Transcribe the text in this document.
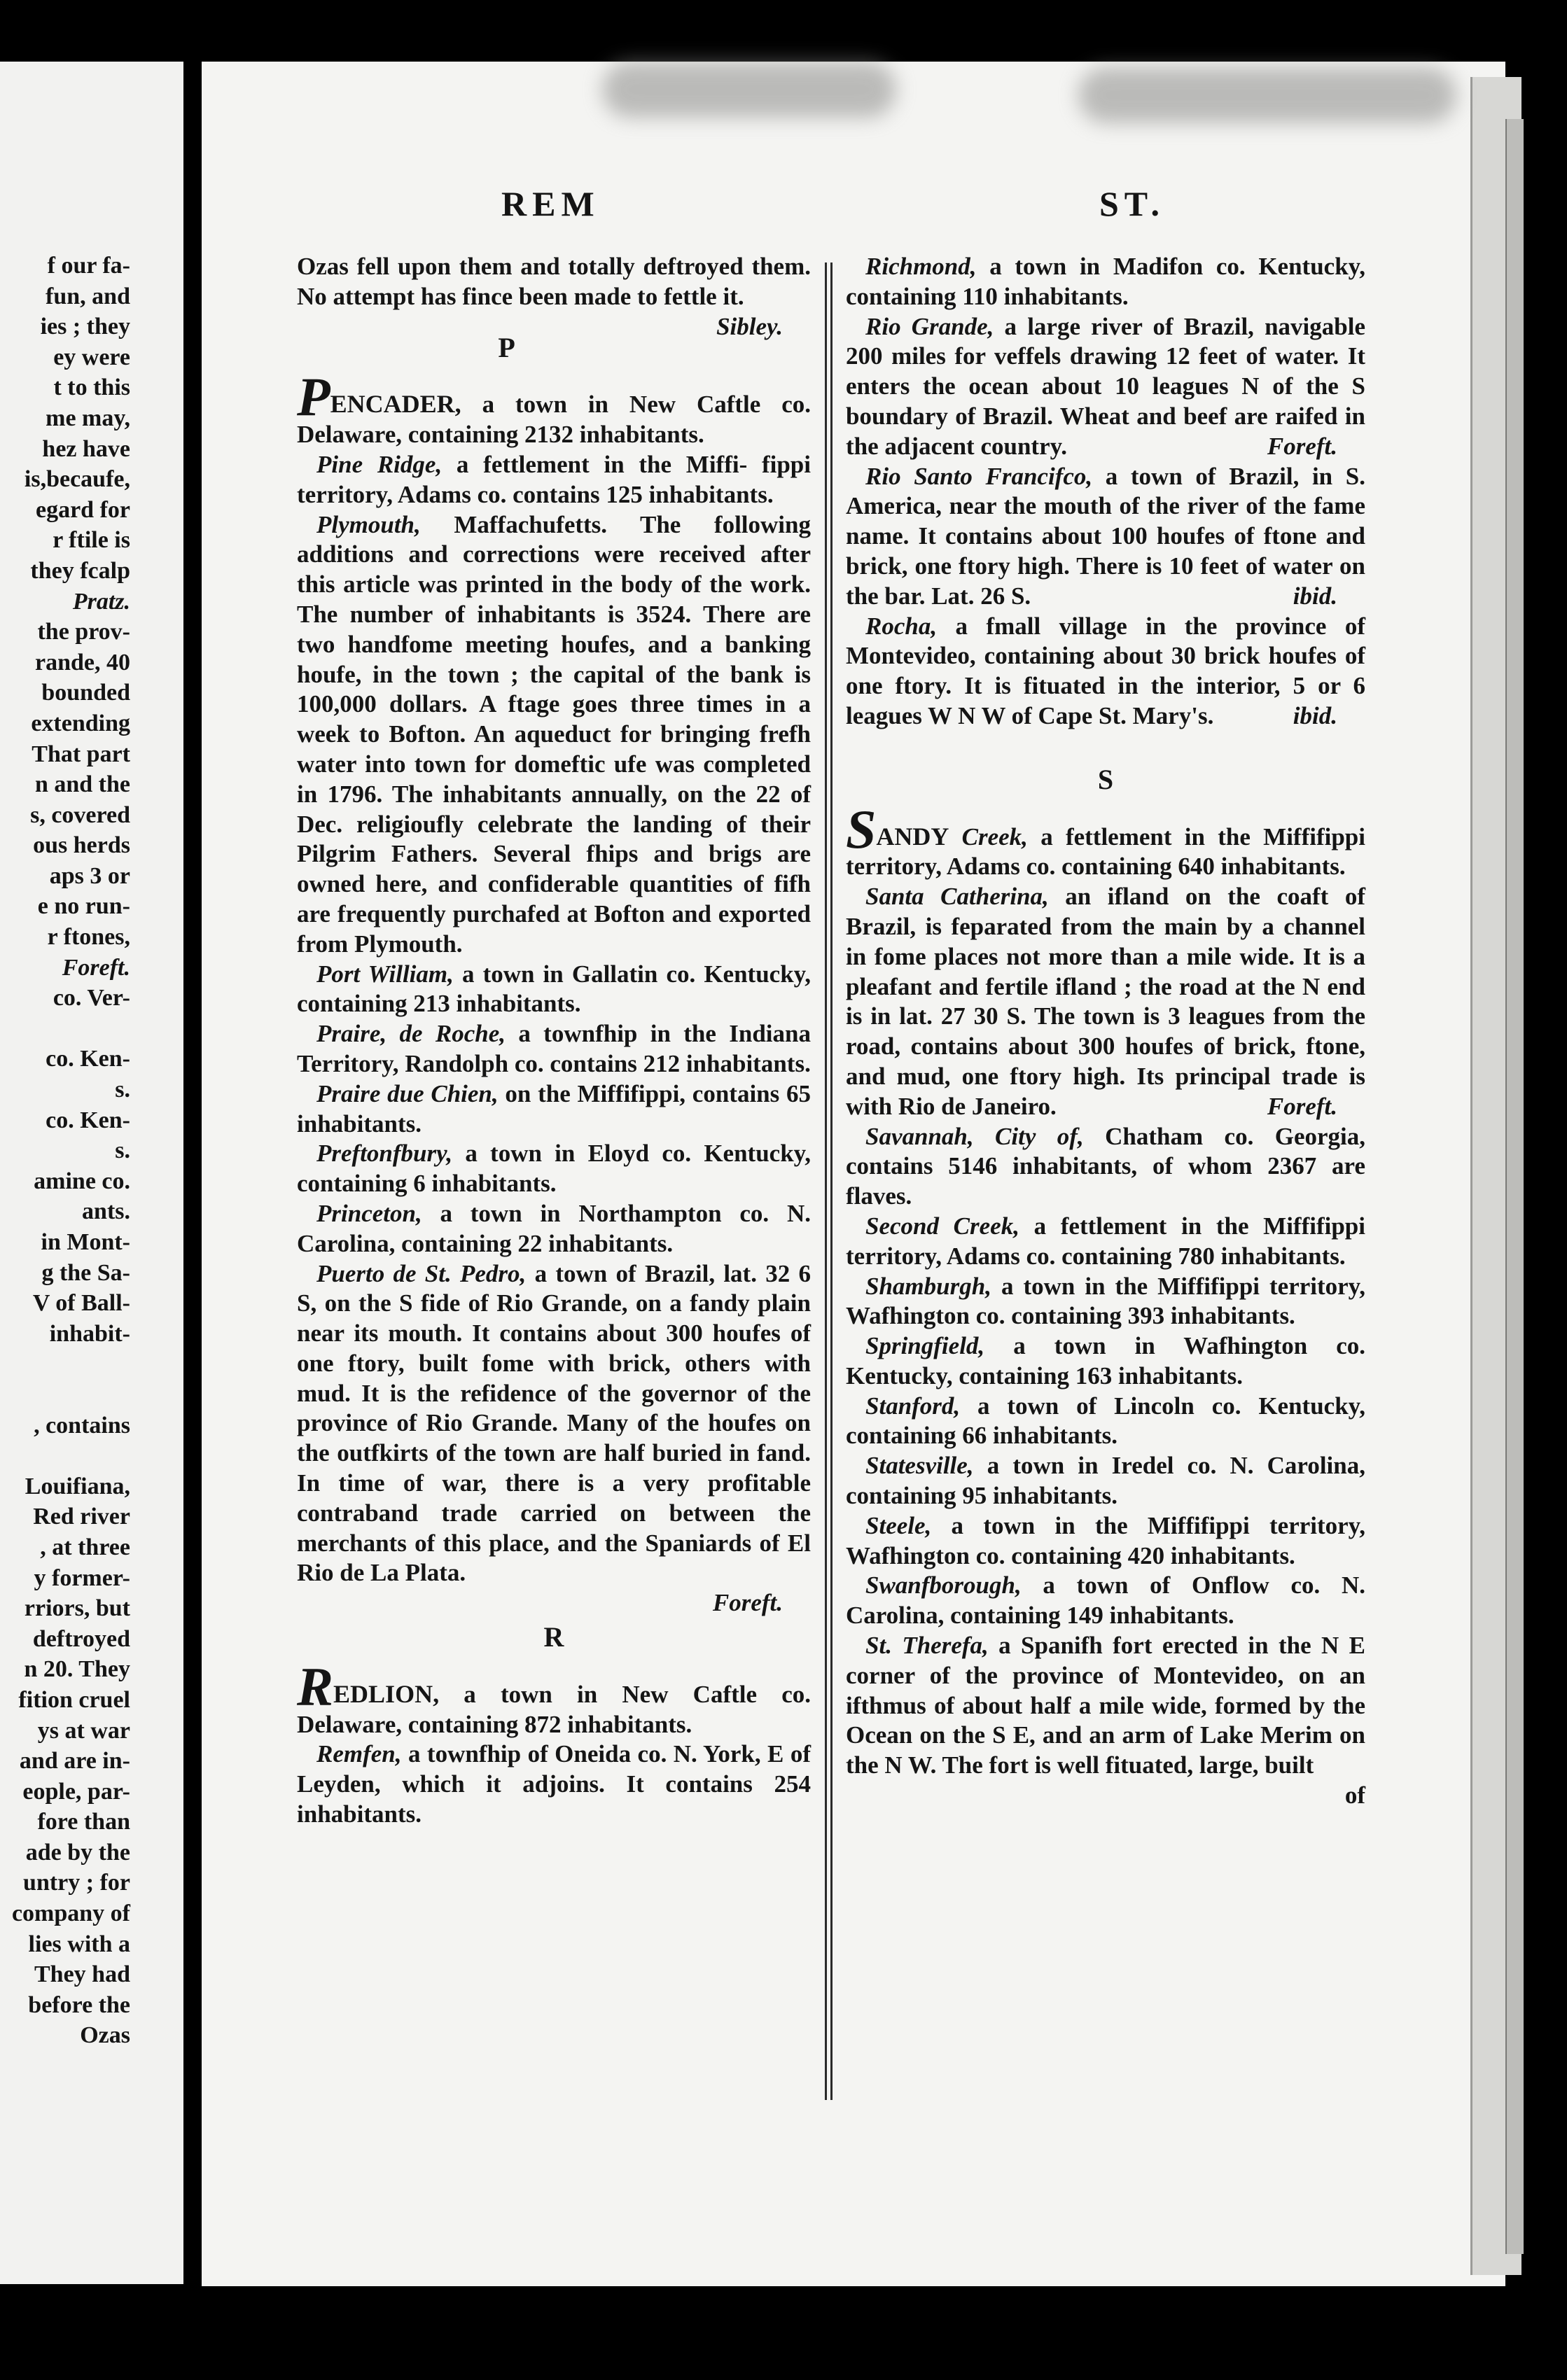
f our fa-
fun, and
ies ; they
ey were
t to this
me may,
hez have
is,becaufe,
egard for
r ftile is
they fcalp
Pratz.
the prov-
rande, 40
bounded
extending
That part
n and the
s, covered
ous herds
aps 3 or
e no run-
r ftones,
Foreft.
co. Ver-
co. Ken-
s.
co. Ken-
s.
amine co.
ants.
in Mont-
g the Sa-
V of Ball-
inhabit-
, contains
Louifiana,
Red river
, at three
y former-
rriors, but
deftroyed
n 20. They
fition cruel
ys at war
and are in-
eople, par-
fore than
ade by the
untry ; for
company of
lies with a
They had
before the
Ozas
REM	ST.

Ozas fell upon them and totally deftroyed them. No attempt has fince been made to fettle it.
Sibley.

P

PENCADER, a town in New Caftle co. Delaware, containing 2132 inhabitants.

Pine Ridge, a fettlement in the Miffi- fippi territory, Adams co. contains 125 inhabitants.

Plymouth, Maffachufetts. The following additions and corrections were received after this article was printed in the body of the work. The number of inhabitants is 3524. There are two handfome meeting houfes, and a banking houfe, in the town ; the capital of the bank is 100,000 dollars. A ftage goes three times in a week to Bofton. An aqueduct for bringing frefh water into town for domeftic ufe was completed in 1796. The inhabitants annually, on the 22 of Dec. religioufly celebrate the landing of their Pilgrim Fathers. Several fhips and brigs are owned here, and confiderable quantities of fifh are frequently purchafed at Bofton and exported from Plymouth.

Port William, a town in Gallatin co. Kentucky, containing 213 inhabitants.

Praire, de Roche, a townfhip in the Indiana Territory, Randolph co. contains 212 inhabitants.

Praire due Chien, on the Miffifippi, contains 65 inhabitants.

Preftonfbury, a town in Eloyd co. Kentucky, containing 6 inhabitants.

Princeton, a town in Northampton co. N. Carolina, containing 22 inhabitants.

Puerto de St. Pedro, a town of Brazil, lat. 32 6 S, on the S fide of Rio Grande, on a fandy plain near its mouth. It contains about 300 houfes of one ftory, built fome with brick, others with mud. It is the refidence of the governor of the province of Rio Grande. Many of the houfes on the outfkirts of the town are half buried in fand. In time of war, there is a very profitable contraband trade carried on between the merchants of this place, and the Spaniards of El Rio de La Plata.

Foreft.
R

REDLION, a town in New Caftle co. Delaware, containing 872 inhabitants.

Remfen, a townfhip of Oneida co. N. York, E of Leyden, which it adjoins. It contains 254 inhabitants.

Richmond, a town in Madifon co. Kentucky, containing 110 inhabitants.

Rio Grande, a large river of Brazil, navigable 200 miles for veffels drawing 12 feet of water. It enters the ocean about 10 leagues N of the S boundary of Brazil. Wheat and beef are raifed in the adjacent country.	Foreft.

Rio Santo Francifco, a town of Brazil, in S. America, near the mouth of the river of the fame name. It contains about 100 houfes of ftone and brick, one ftory high. There is 10 feet of water on the bar. Lat. 26 S.	ibid.

Rocha, a fmall village in the province of Montevideo, containing about 30 brick houfes of one ftory. It is fituated in the interior, 5 or 6 leagues W N W of Cape St. Mary's.	ibid.

S

SANDY Creek, a fettlement in the Miffifippi territory, Adams co. containing 640 inhabitants.

Santa Catherina, an ifland on the coaft of Brazil, is feparated from the main by a channel in fome places not more than a mile wide. It is a pleafant and fertile ifland ; the road at the N end is in lat. 27 30 S. The town is 3 leagues from the road, contains about 300 houfes of brick, ftone, and mud, one ftory high. Its principal trade is with Rio de Janeiro.	Foreft.

Savannah, City of, Chatham co. Georgia, contains 5146 inhabitants, of whom 2367 are flaves.

Second Creek, a fettlement in the Miffifippi territory, Adams co. containing 780 inhabitants.

Shamburgh, a town in the Miffifippi territory, Wafhington co. containing 393 inhabitants.

Springfield, a town in Wafhington co. Kentucky, containing 163 inhabitants.

Stanford, a town of Lincoln co. Kentucky, containing 66 inhabitants.

Statesville, a town in Iredel co. N. Carolina, containing 95 inhabitants.

Steele, a town in the Miffifippi territory, Wafhington co. containing 420 inhabitants.

Swanfborough, a town of Onflow co. N. Carolina, containing 149 inhabitants.

St. Therefa, a Spanifh fort erected in the N E corner of the province of Montevideo, on an ifthmus of about half a mile wide, formed by the Ocean on the S E, and an arm of Lake Merim on the N W. The fort is well fituated, large, built

of
